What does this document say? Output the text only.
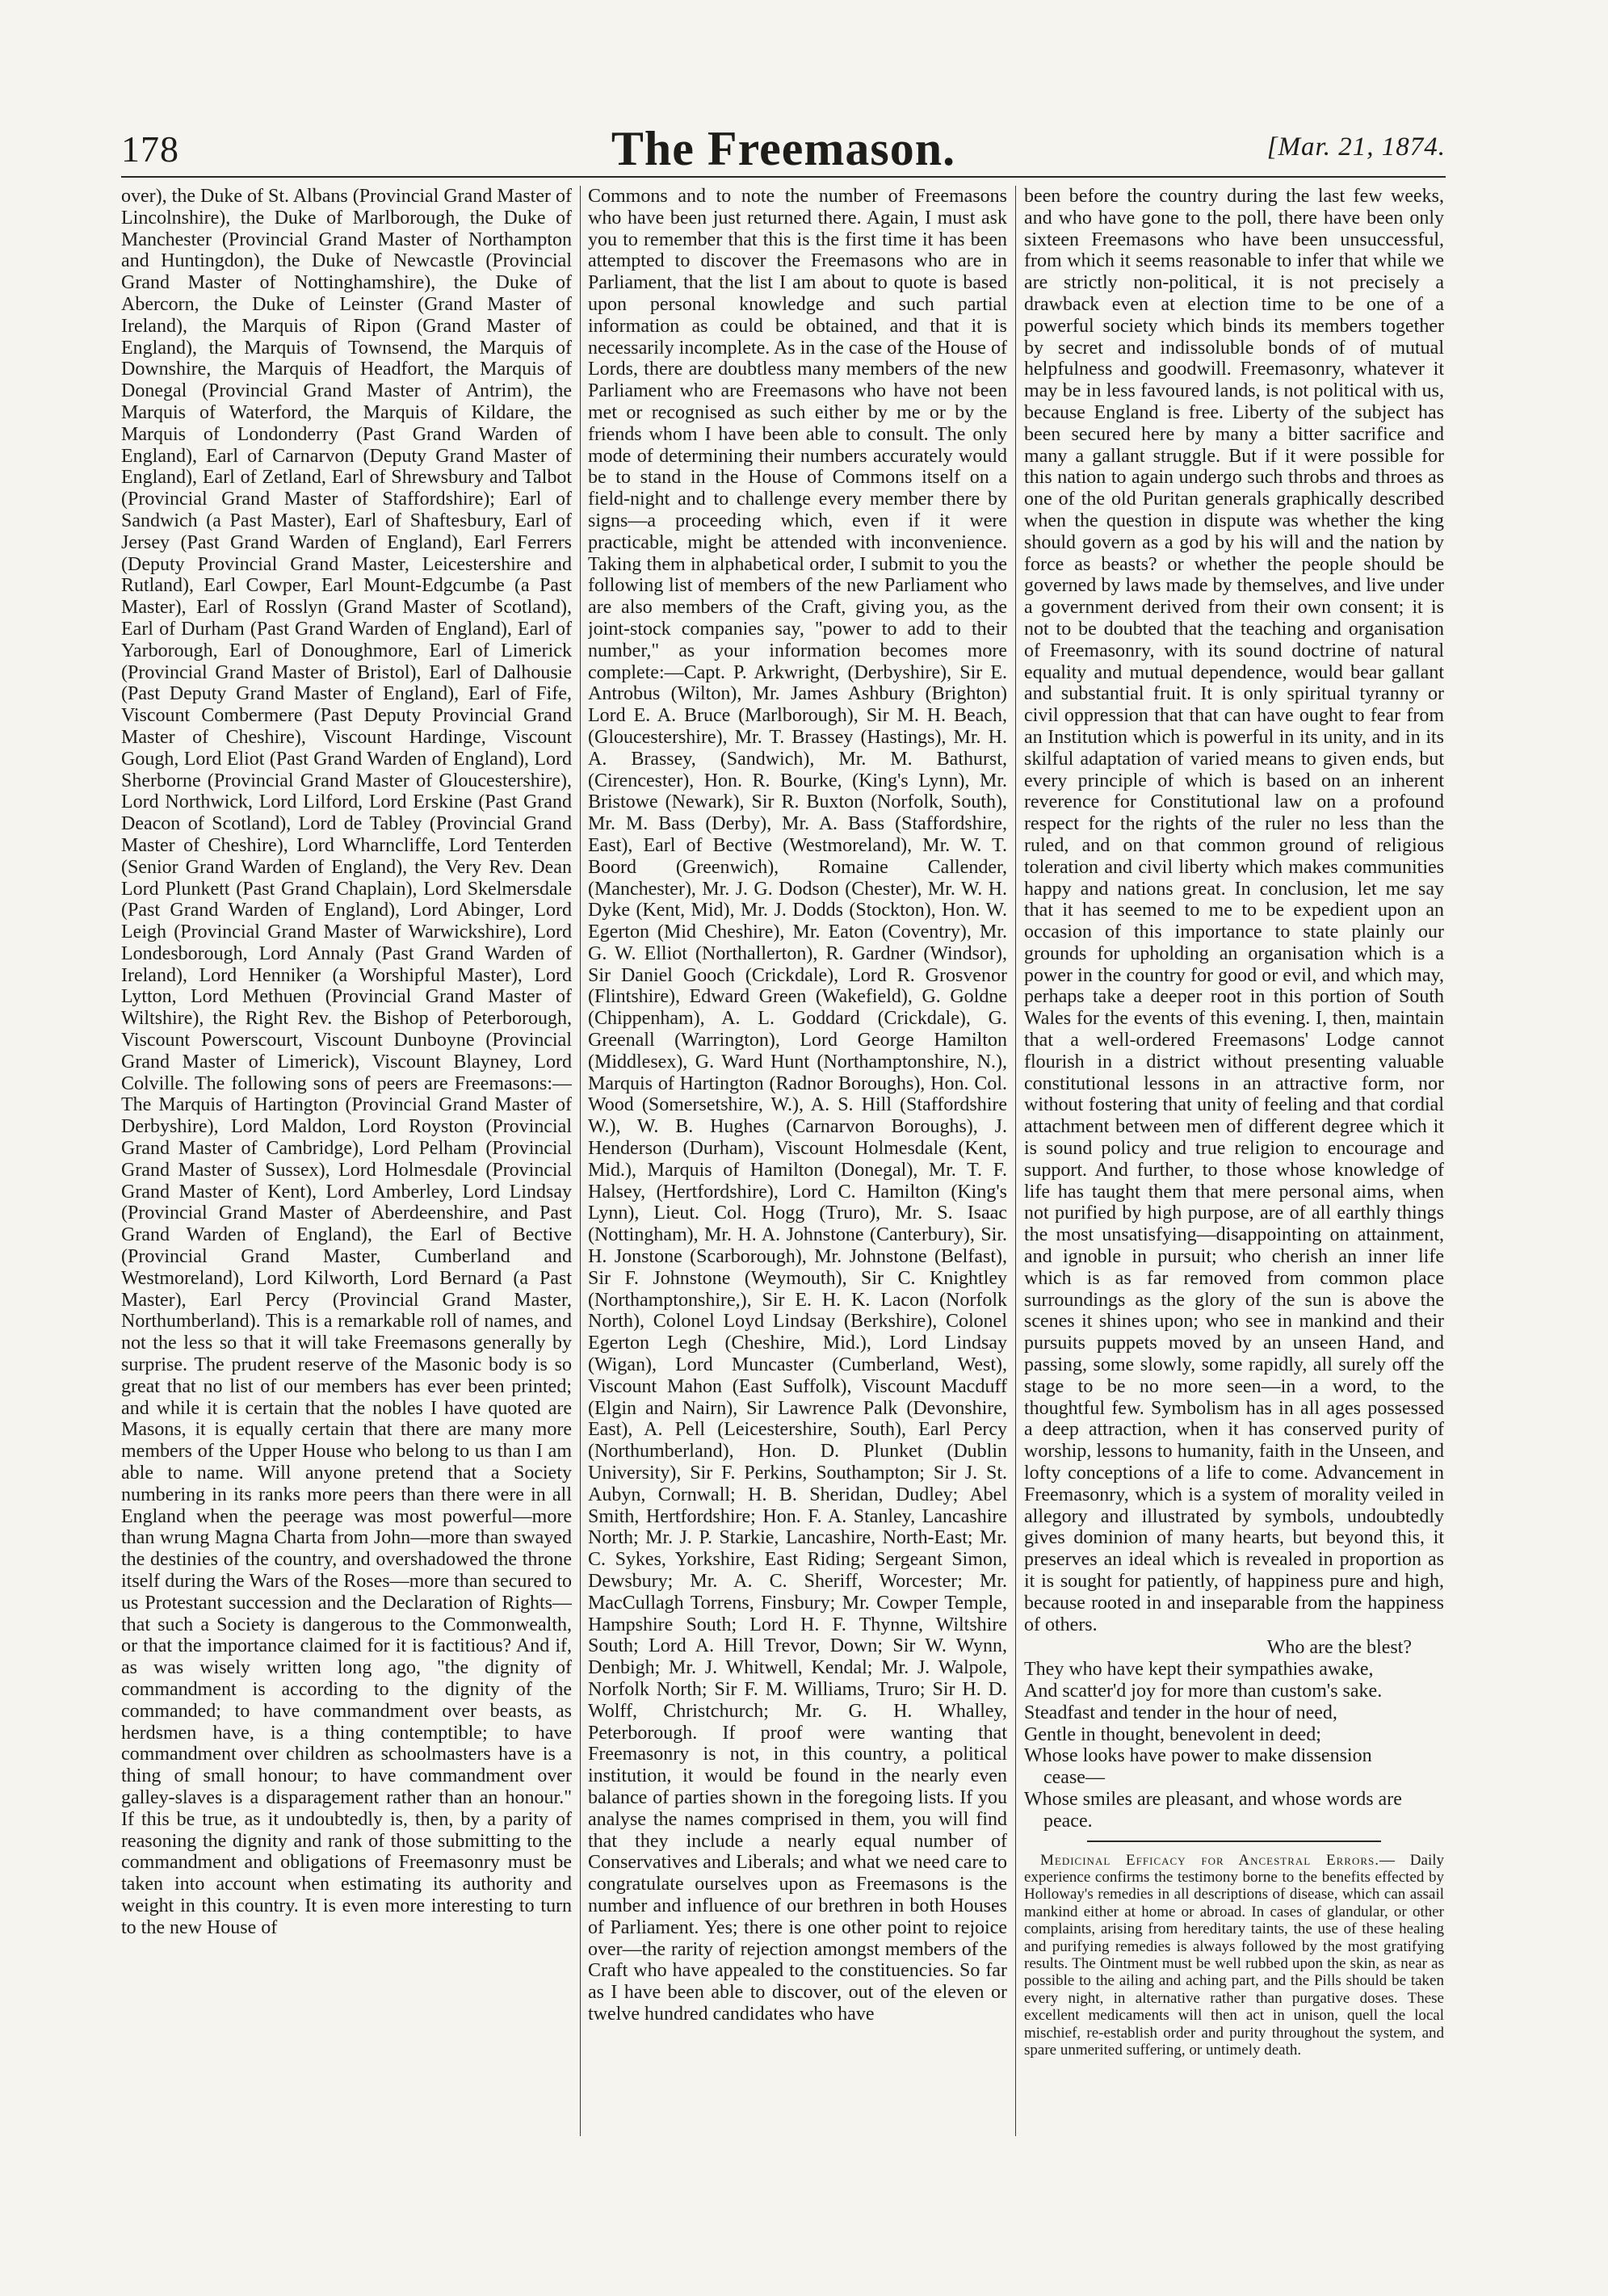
178	The Freemason.	[Mar. 21, 1874.

over), the Duke of St. Albans (Provincial Grand Master of Lincolnshire), the Duke of Marlborough, the Duke of Manchester (Provincial Grand Master of Northampton and Huntingdon), the Duke of Newcastle (Provincial Grand Master of Nottinghamshire), the Duke of Abercorn, the Duke of Leinster (Grand Master of Ireland), the Marquis of Ripon (Grand Master of England), the Marquis of Townsend, the Marquis of Downshire, the Marquis of Headfort, the Marquis of Donegal (Provincial Grand Master of Antrim), the Marquis of Waterford, the Marquis of Kildare, the Marquis of Londonderry (Past Grand Warden of England), Earl of Carnarvon (Deputy Grand Master of England), Earl of Zetland, Earl of Shrewsbury and Talbot (Provincial Grand Master of Staffordshire); Earl of Sandwich (a Past Master), Earl of Shaftesbury, Earl of Jersey (Past Grand Warden of England), Earl Ferrers (Deputy Provincial Grand Master, Leicestershire and Rutland), Earl Cowper, Earl Mount-Edgcumbe (a Past Master), Earl of Rosslyn (Grand Master of Scotland), Earl of Durham (Past Grand Warden of England), Earl of Yarborough, Earl of Donoughmore, Earl of Limerick (Provincial Grand Master of Bristol), Earl of Dalhousie (Past Deputy Grand Master of England), Earl of Fife, Viscount Combermere (Past Deputy Provincial Grand Master of Cheshire), Viscount Hardinge, Viscount Gough, Lord Eliot (Past Grand Warden of England), Lord Sherborne (Provincial Grand Master of Gloucestershire), Lord Northwick, Lord Lilford, Lord Erskine (Past Grand Deacon of Scotland), Lord de Tabley (Provincial Grand Master of Cheshire), Lord Wharncliffe, Lord Tenterden (Senior Grand Warden of England), the Very Rev. Dean Lord Plunkett (Past Grand Chaplain), Lord Skelmersdale (Past Grand Warden of England), Lord Abinger, Lord Leigh (Provincial Grand Master of Warwickshire), Lord Londesborough, Lord Annaly (Past Grand Warden of Ireland), Lord Henniker (a Worshipful Master), Lord Lytton, Lord Methuen (Provincial Grand Master of Wiltshire), the Right Rev. the Bishop of Peterborough, Viscount Powerscourt, Viscount Dunboyne (Provincial Grand Master of Limerick), Viscount Blayney, Lord Colville. The following sons of peers are Freemasons:—The Marquis of Hartington (Provincial Grand Master of Derbyshire), Lord Maldon, Lord Royston (Provincial Grand Master of Cambridge), Lord Pelham (Provincial Grand Master of Sussex), Lord Holmesdale (Provincial Grand Master of Kent), Lord Amberley, Lord Lindsay (Provincial Grand Master of Aberdeenshire, and Past Grand Warden of England), the Earl of Bective (Provincial Grand Master, Cumberland and Westmoreland), Lord Kilworth, Lord Bernard (a Past Master), Earl Percy (Provincial Grand Master, Northumberland). This is a remarkable roll of names, and not the less so that it will take Freemasons generally by surprise. The prudent reserve of the Masonic body is so great that no list of our members has ever been printed; and while it is certain that the nobles I have quoted are Masons, it is equally certain that there are many more members of the Upper House who belong to us than I am able to name. Will anyone pretend that a Society numbering in its ranks more peers than there were in all England when the peerage was most powerful—more than wrung Magna Charta from John—more than swayed the destinies of the country, and overshadowed the throne itself during the Wars of the Roses—more than secured to us Protestant succession and the Declaration of Rights—that such a Society is dangerous to the Commonwealth, or that the importance claimed for it is factitious? And if, as was wisely written long ago, "the dignity of commandment is according to the dignity of the commanded; to have commandment over beasts, as herdsmen have, is a thing contemptible; to have commandment over children as schoolmasters have is a thing of small honour; to have commandment over galley-slaves is a disparagement rather than an honour." If this be true, as it undoubtedly is, then, by a parity of reasoning the dignity and rank of those submitting to the commandment and obligations of Freemasonry must be taken into account when estimating its authority and weight in this country. It is even more interesting to turn to the new House of

Commons and to note the number of Freemasons who have been just returned there. Again, I must ask you to remember that this is the first time it has been attempted to discover the Freemasons who are in Parliament, that the list I am about to quote is based upon personal knowledge and such partial information as could be obtained, and that it is necessarily incomplete. As in the case of the House of Lords, there are doubtless many members of the new Parliament who are Freemasons who have not been met or recognised as such either by me or by the friends whom I have been able to consult. The only mode of determining their numbers accurately would be to stand in the House of Commons itself on a field-night and to challenge every member there by signs—a proceeding which, even if it were practicable, might be attended with inconvenience. Taking them in alphabetical order, I submit to you the following list of members of the new Parliament who are also members of the Craft, giving you, as the joint-stock companies say, "power to add to their number," as your information becomes more complete:—Capt. P. Arkwright, (Derbyshire), Sir E. Antrobus (Wilton), Mr. James Ashbury (Brighton) Lord E. A. Bruce (Marlborough), Sir M. H. Beach, (Gloucestershire), Mr. T. Brassey (Hastings), Mr. H. A. Brassey, (Sandwich), Mr. M. Bathurst, (Cirencester), Hon. R. Bourke, (King's Lynn), Mr. Bristowe (Newark), Sir R. Buxton (Norfolk, South), Mr. M. Bass (Derby), Mr. A. Bass (Staffordshire, East), Earl of Bective (Westmoreland), Mr. W. T. Boord (Greenwich), Romaine Callender, (Manchester), Mr. J. G. Dodson (Chester), Mr. W. H. Dyke (Kent, Mid), Mr. J. Dodds (Stockton), Hon. W. Egerton (Mid Cheshire), Mr. Eaton (Coventry), Mr. G. W. Elliot (Northallerton), R. Gardner (Windsor), Sir Daniel Gooch (Crickdale), Lord R. Grosvenor (Flintshire), Edward Green (Wakefield), G. Goldne (Chippenham), A. L. Goddard (Crickdale), G. Greenall (Warrington), Lord George Hamilton (Middlesex), G. Ward Hunt (Northamptonshire, N.), Marquis of Hartington (Radnor Boroughs), Hon. Col. Wood (Somersetshire, W.), A. S. Hill (Staffordshire W.), W. B. Hughes (Carnarvon Boroughs), J. Henderson (Durham), Viscount Holmesdale (Kent, Mid.), Marquis of Hamilton (Donegal), Mr. T. F. Halsey, (Hertfordshire), Lord C. Hamilton (King's Lynn), Lieut. Col. Hogg (Truro), Mr. S. Isaac (Nottingham), Mr. H. A. Johnstone (Canterbury), Sir. H. Jonstone (Scarborough), Mr. Johnstone (Belfast), Sir F. Johnstone (Weymouth), Sir C. Knightley (Northamptonshire,), Sir E. H. K. Lacon (Norfolk North), Colonel Loyd Lindsay (Berkshire), Colonel Egerton Legh (Cheshire, Mid.), Lord Lindsay (Wigan), Lord Muncaster (Cumberland, West), Viscount Mahon (East Suffolk), Viscount Macduff (Elgin and Nairn), Sir Lawrence Palk (Devonshire, East), A. Pell (Leicestershire, South), Earl Percy (Northumberland), Hon. D. Plunket (Dublin University), Sir F. Perkins, Southampton; Sir J. St. Aubyn, Cornwall; H. B. Sheridan, Dudley; Abel Smith, Hertfordshire; Hon. F. A. Stanley, Lancashire North; Mr. J. P. Starkie, Lancashire, North-East; Mr. C. Sykes, Yorkshire, East Riding; Sergeant Simon, Dewsbury; Mr. A. C. Sheriff, Worcester; Mr. MacCullagh Torrens, Finsbury; Mr. Cowper Temple, Hampshire South; Lord H. F. Thynne, Wiltshire South; Lord A. Hill Trevor, Down; Sir W. Wynn, Denbigh; Mr. J. Whitwell, Kendal; Mr. J. Walpole, Norfolk North; Sir F. M. Williams, Truro; Sir H. D. Wolff, Christchurch; Mr. G. H. Whalley, Peterborough. If proof were wanting that Freemasonry is not, in this country, a political institution, it would be found in the nearly even balance of parties shown in the foregoing lists. If you analyse the names comprised in them, you will find that they include a nearly equal number of Conservatives and Liberals; and what we need care to congratulate ourselves upon as Freemasons is the number and influence of our brethren in both Houses of Parliament. Yes; there is one other point to rejoice over—the rarity of rejection amongst members of the Craft who have appealed to the constituencies. So far as I have been able to discover, out of the eleven or twelve hundred candidates who have

been before the country during the last few weeks, and who have gone to the poll, there have been only sixteen Freemasons who have been unsuccessful, from which it seems reasonable to infer that while we are strictly non-political, it is not precisely a drawback even at election time to be one of a powerful society which binds its members together by secret and indissoluble bonds of of mutual helpfulness and goodwill. Freemasonry, whatever it may be in less favoured lands, is not political with us, because England is free. Liberty of the subject has been secured here by many a bitter sacrifice and many a gallant struggle. But if it were possible for this nation to again undergo such throbs and throes as one of the old Puritan generals graphically described when the question in dispute was whether the king should govern as a god by his will and the nation by force as beasts? or whether the people should be governed by laws made by themselves, and live under a government derived from their own consent; it is not to be doubted that the teaching and organisation of Freemasonry, with its sound doctrine of natural equality and mutual dependence, would bear gallant and substantial fruit. It is only spiritual tyranny or civil oppression that that can have ought to fear from an Institution which is powerful in its unity, and in its skilful adaptation of varied means to given ends, but every principle of which is based on an inherent reverence for Constitutional law on a profound respect for the rights of the ruler no less than the ruled, and on that common ground of religious toleration and civil liberty which makes communities happy and nations great. In conclusion, let me say that it has seemed to me to be expedient upon an occasion of this importance to state plainly our grounds for upholding an organisation which is a power in the country for good or evil, and which may, perhaps take a deeper root in this portion of South Wales for the events of this evening. I, then, maintain that a well-ordered Freemasons' Lodge cannot flourish in a district without presenting valuable constitutional lessons in an attractive form, nor without fostering that unity of feeling and that cordial attachment between men of different degree which it is sound policy and true religion to encourage and support. And further, to those whose knowledge of life has taught them that mere personal aims, when not purified by high purpose, are of all earthly things the most unsatisfying—disappointing on attainment, and ignoble in pursuit; who cherish an inner life which is as far removed from common place surroundings as the glory of the sun is above the scenes it shines upon; who see in mankind and their pursuits puppets moved by an unseen Hand, and passing, some slowly, some rapidly, all surely off the stage to be no more seen—in a word, to the thoughtful few. Symbolism has in all ages possessed a deep attraction, when it has conserved purity of worship, lessons to humanity, faith in the Unseen, and lofty conceptions of a life to come. Advancement in Freemasonry, which is a system of morality veiled in allegory and illustrated by symbols, undoubtedly gives dominion of many hearts, but beyond this, it preserves an ideal which is revealed in proportion as it is sought for patiently, of happiness pure and high, because rooted in and inseparable from the happiness of others.

Who are the blest?
They who have kept their sympathies awake,
And scatter'd joy for more than custom's sake.
Steadfast and tender in the hour of need,
Gentle in thought, benevolent in deed;
Whose looks have power to make dissension
cease—
Whose smiles are pleasant, and whose words are
peace.

Medicinal Efficacy for Ancestral Errors.— Daily experience confirms the testimony borne to the benefits effected by Holloway's remedies in all descriptions of disease, which can assail mankind either at home or abroad. In cases of glandular, or other complaints, arising from hereditary taints, the use of these healing and purifying remedies is always followed by the most gratifying results. The Ointment must be well rubbed upon the skin, as near as possible to the ailing and aching part, and the Pills should be taken every night, in alternative rather than purgative doses. These excellent medicaments will then act in unison, quell the local mischief, re-establish order and purity throughout the system, and spare unmerited suffering, or untimely death.
